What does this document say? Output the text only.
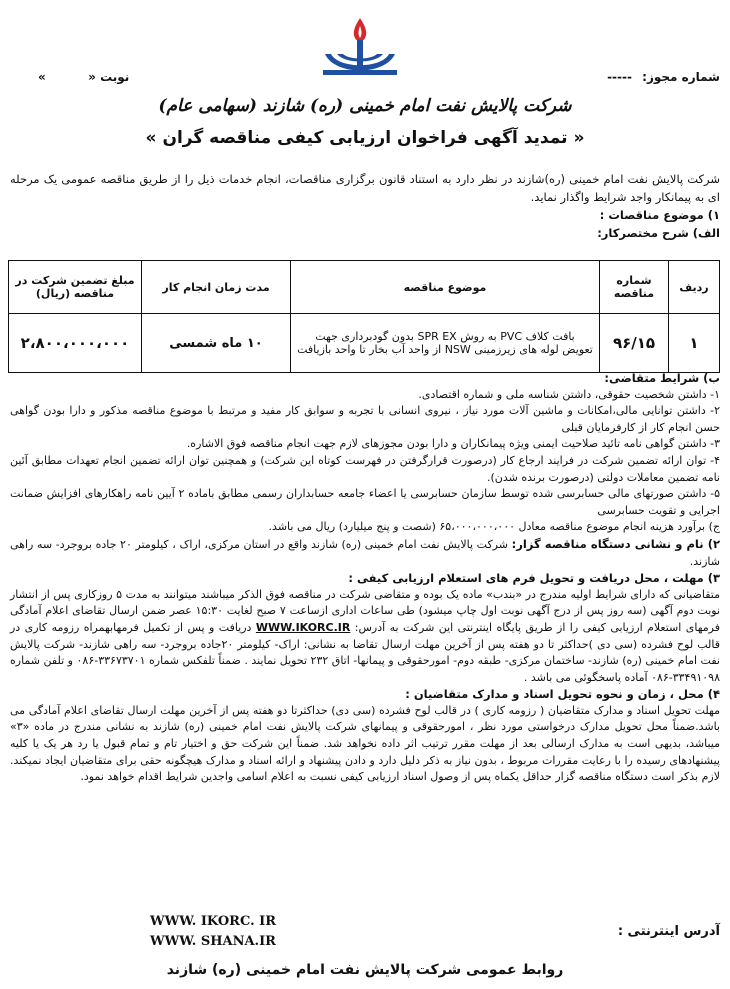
شماره مجوز: -----
نوبت «  »
شرکت پالایش نفت امام خمینی (ره) شازند (سهامی عام)
« تمدید آگهی فراخوان ارزیابی کیفی مناقصه گران »
شرکت پالایش نفت امام خمینی (ره)شازند در نظر دارد به استناد قانون برگزاری مناقصات، انجام خدمات ذیل را از طریق مناقصه عمومی یک مرحله ای به پیمانکار واجد شرایط واگذار نماید.
۱) موضوع مناقصات :
الف) شرح مختصرکار:
ردیف	شماره مناقصه	موضوع مناقصه	مدت زمان انجام کار	مبلغ تضمین شرکت در مناقصه (ریال)
۱	۹۶/۱۵	بافت کلاف PVC به روش SPR EX بدون گودبرداری جهت
تعویض لوله های زیرزمینی NSW از واحد آب بخار تا واحد بازیافت	۱۰ ماه شمسی	۲،۸۰۰،۰۰۰،۰۰۰

ب) شرایط متقاضی:

۱- داشتن شخصیت حقوقی، داشتن شناسه ملی و شماره اقتصادی.

۲- داشتن توانایی مالی،امکانات و ماشین آلات مورد نیاز ، نیروی انسانی با تجربه و سوابق کار مفید و مرتبط با موضوع مناقصه مذکور و دارا بودن گواهی حسن انجام کار از کارفرمایان قبلی

۳- داشتن گواهی نامه تائید صلاحیت ایمنی ویژه پیمانکاران و دارا بودن مجوزهای لازم جهت انجام مناقصه فوق الاشاره.

۴- توان ارائه تضمین شرکت در فرایند ارجاع کار (درصورت قرارگرفتن در فهرست کوتاه این شرکت) و همچنین توان ارائه تضمین انجام تعهدات مطابق آئین نامه تضمین معاملات دولتی (درصورت برنده شدن).

۵- داشتن صورتهای مالی حسابرسی شده توسط سازمان حسابرسی یا اعضاء جامعه حسابداران رسمی مطابق باماده ۲ آیین نامه راهکارهای افزایش ضمانت اجرایی و تقویت حسابرسی

ج) برآورد هزینه انجام موضوع مناقصه معادل ۶۵،۰۰۰،۰۰۰،۰۰۰ (شصت و پنج میلیارد) ریال می باشد.

۲) نام و نشانی دستگاه مناقصه گزار: شرکت پالایش نفت امام خمینی (ره) شازند واقع در استان مرکزی، اراک ، کیلومتر ۲۰ جاده بروجرد- سه راهی شازند.

۳) مهلت ، محل دریافت و تحویل فرم های استعلام ارزیابی کیفی :

متقاضیانی که دارای شرایط اولیه مندرج در «بندب» ماده یک بوده و متقاضی شرکت در مناقصه فوق الذکر میباشند میتوانند به مدت ۵ روزکاری پس از انتشار نوبت دوم آگهی (سه روز پس از درج آگهی نوبت اول چاپ میشود) طی ساعات اداری ازساعت ۷ صبح لغایت ۱۵:۳۰ عصر ضمن ارسال تقاضای اعلام آمادگی فرمهای استعلام ارزیابی کیفی را از طریق پایگاه اینترنتی این شرکت به آدرس: WWW.IKORC.IR دریافت و پس از تکمیل فرمهابهمراه رزومه کاری در قالب لوح فشرده (سی دی )حداکثر تا دو هفته پس از آخرین مهلت ارسال تقاضا به نشانی: اراک- کیلومتر ۲۰جاده بروجرد- سه راهی شازند- شرکت پالایش نفت امام خمینی (ره) شازند- ساختمان مرکزی- طبقه دوم- امورحقوقی و پیمانها- اتاق ۲۳۲ تحویل نمایند . ضمناً تلفکس شماره ۳۳۶۷۳۷۰۱-۰۸۶ و تلفن شماره ۳۳۴۹۱۰۹۸-۰۸۶ آماده پاسخگوئی می باشد .

۴) محل ، زمان و نحوه تحویل اسناد و مدارک متقاضیان :

مهلت تحویل اسناد و مدارک متقاضیان ( رزومه کاری ) در قالب لوح فشرده (سی دی) حداکثرتا دو هفته پس از آخرین مهلت ارسال تقاضای اعلام آمادگی می باشد.ضمناً محل تحویل مدارک درخواستی مورد نظر ، امورحقوقی و پیمانهای شرکت پالایش نفت امام خمینی (ره) شازند به نشانی مندرج در ماده «۳» میباشد، بدیهی است به مدارک ارسالی بعد از مهلت مقرر ترتیب اثر داده نخواهد شد. ضمناً این شرکت حق و اختیار تام و تمام قبول یا رد هر یک یا کلیه پیشنهادهای رسیده را با رعایت مقررات مربوط ، بدون نیاز به ذکر دلیل دارد و دادن پیشنهاد و ارائه اسناد و مدارک هیچگونه حقی برای متقاضیان ایجاد نمیکند. لازم بذکر است دستگاه مناقصه گزار حداقل یکماه پس از وصول اسناد ارزیابی کیفی نسبت به اعلام اسامی واجدین شرایط اقدام خواهد نمود.

آدرس اینترنتی :
WWW. IKORC. IR
WWW. SHANA.IR
روابط عمومی شرکت پالایش نفت امام خمینی (ره) شازند
